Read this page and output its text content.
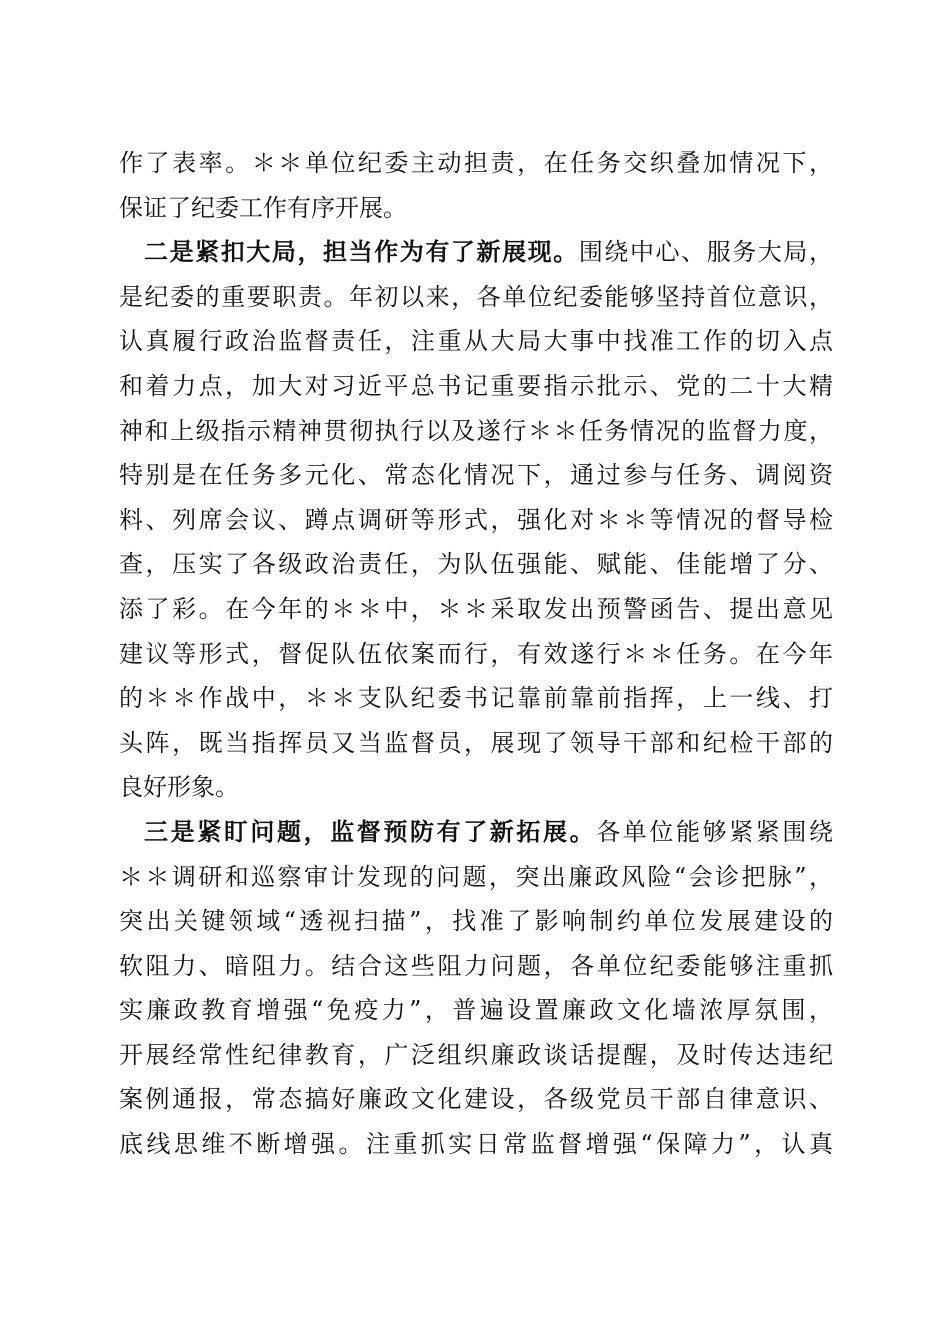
作了表率。＊＊单位纪委主动担责，在任务交织叠加情况下，
保证了纪委工作有序开展。
二是紧扣大局，担当作为有了新展现。围绕中心、服务大局，
是纪委的重要职责。年初以来，各单位纪委能够坚持首位意识，
认真履行政治监督责任，注重从大局大事中找准工作的切入点
和着力点，加大对习近平总书记重要指示批示、党的二十大精
神和上级指示精神贯彻执行以及遂行＊＊任务情况的监督力度，
特别是在任务多元化、常态化情况下，通过参与任务、调阅资
料、列席会议、蹲点调研等形式，强化对＊＊等情况的督导检
查，压实了各级政治责任，为队伍强能、赋能、佳能增了分、
添了彩。在今年的＊＊中，＊＊采取发出预警函告、提出意见
建议等形式，督促队伍依案而行，有效遂行＊＊任务。在今年
的＊＊作战中，＊＊支队纪委书记靠前靠前指挥，上一线、打
头阵，既当指挥员又当监督员，展现了领导干部和纪检干部的
良好形象。
三是紧盯问题，监督预防有了新拓展。各单位能够紧紧围绕
＊＊调研和巡察审计发现的问题，突出廉政风险“会诊把脉”，
突出关键领域“透视扫描”，找准了影响制约单位发展建设的
软阻力、暗阻力。结合这些阻力问题，各单位纪委能够注重抓
实廉政教育增强“免疫力”，普遍设置廉政文化墙浓厚氛围，
开展经常性纪律教育，广泛组织廉政谈话提醒，及时传达违纪
案例通报，常态搞好廉政文化建设，各级党员干部自律意识、
底线思维不断增强。注重抓实日常监督增强“保障力”，认真
